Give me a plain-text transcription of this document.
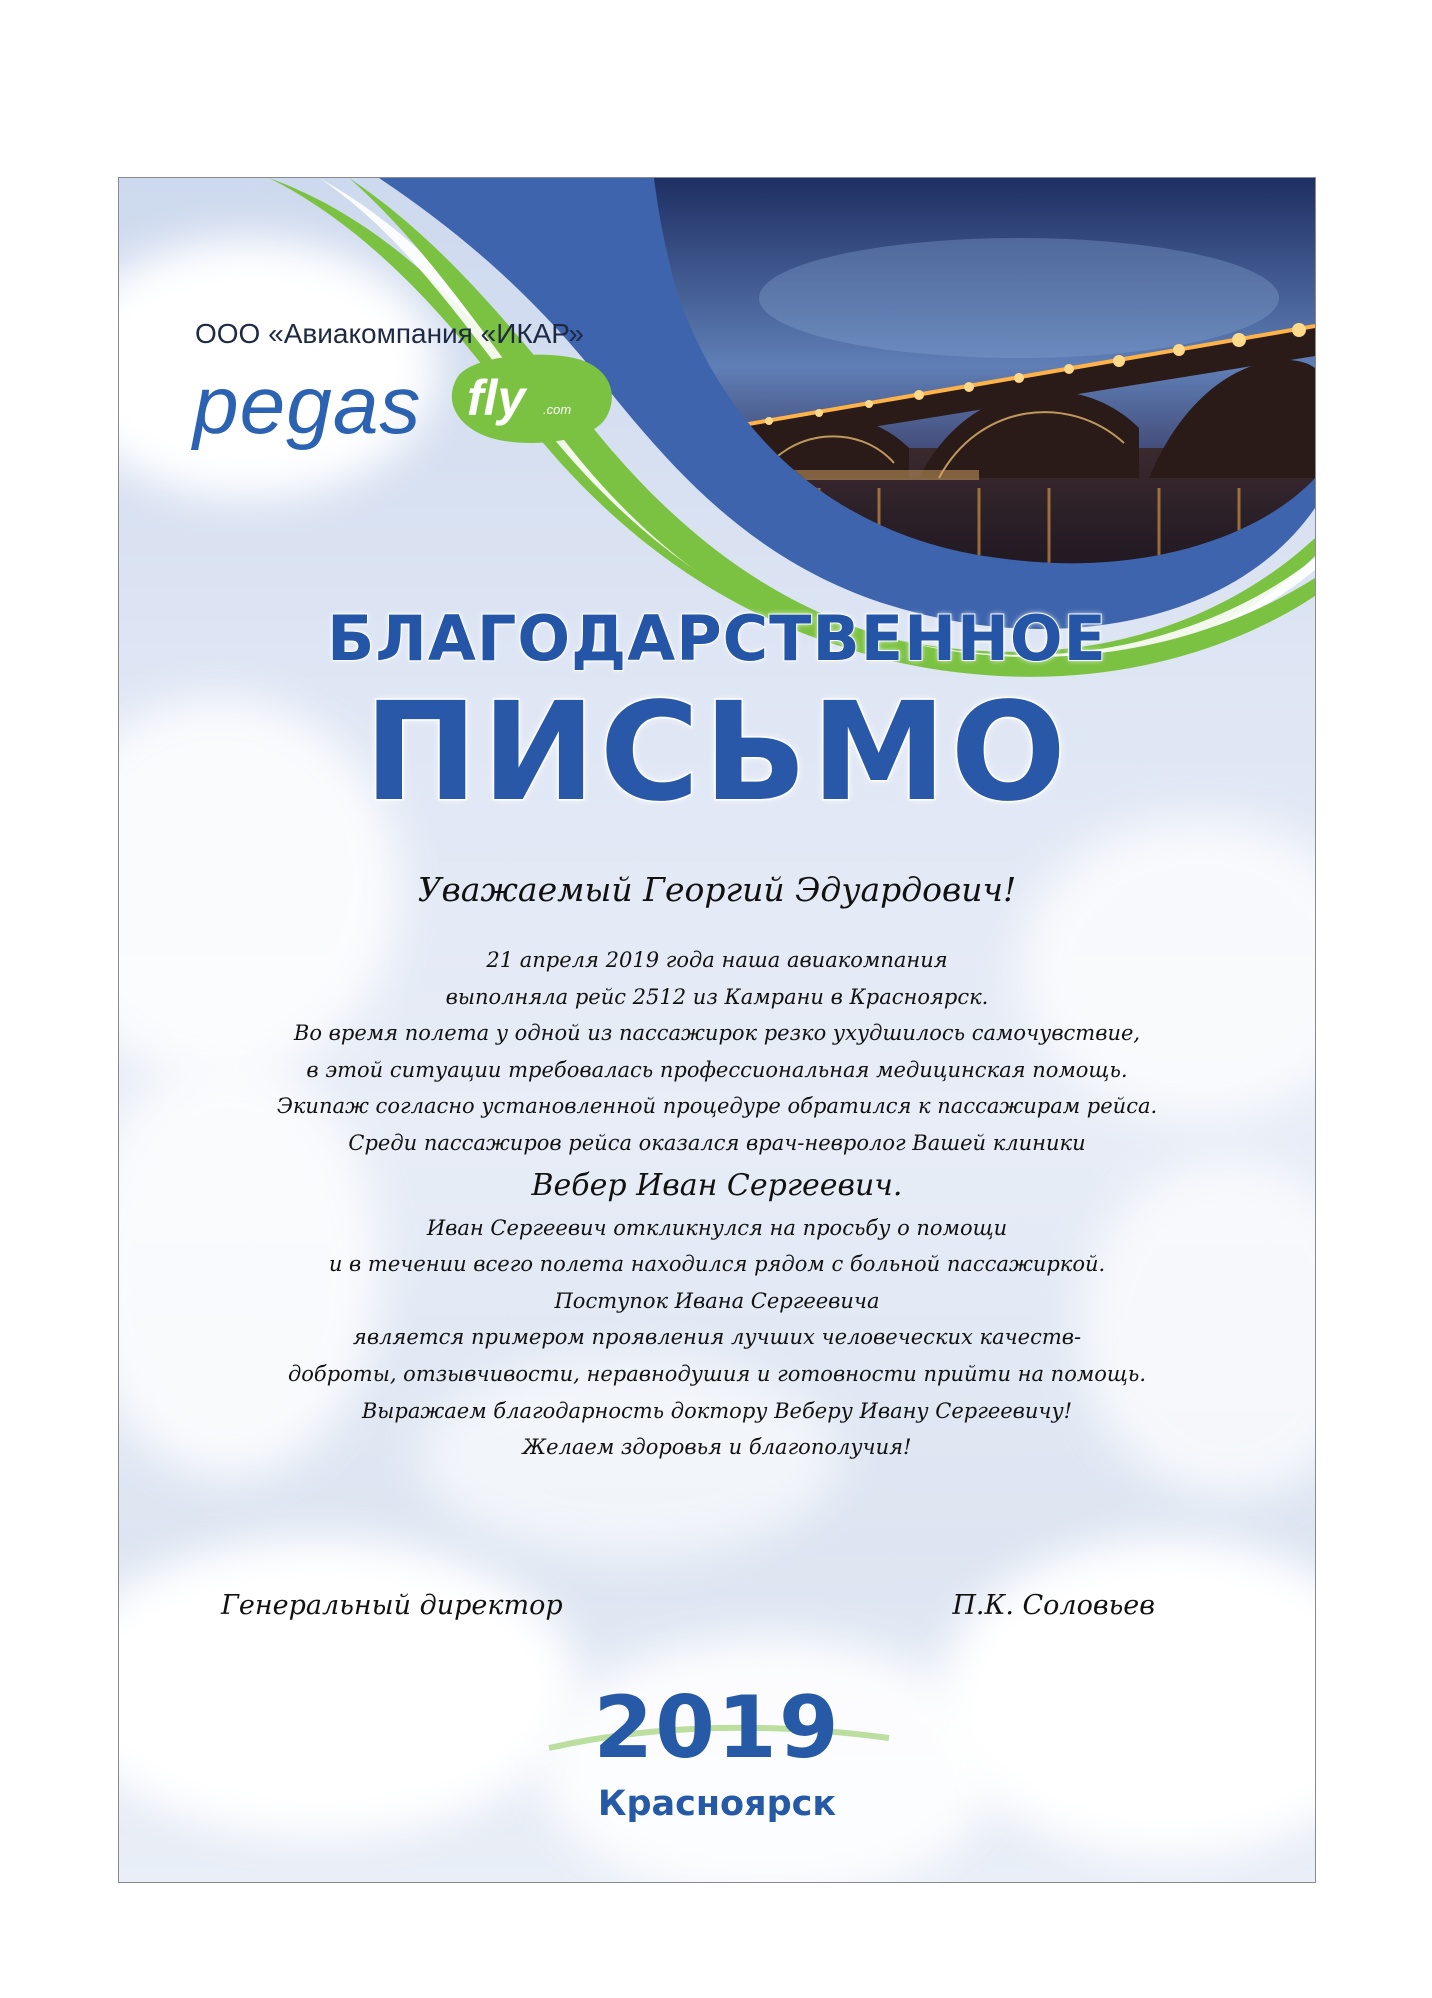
ООО «Авиакомпания «ИКАР»
pegas fly .com
БЛАГОДАРСТВЕННОЕ
ПИСЬМО
Уважаемый Георгий Эдуардович!
21 апреля 2019 года наша авиакомпания
выполняла рейс 2512 из Камрани в Красноярск.
Во время полета у одной из пассажирок резко ухудшилось самочувствие,
в этой ситуации требовалась профессиональная медицинская помощь.
Экипаж согласно установленной процедуре обратился к пассажирам рейса.
Среди пассажиров рейса оказался врач-невролог Вашей клиники
Вебер Иван Сергеевич.
Иван Сергеевич откликнулся на просьбу о помощи
и в течении всего полета находился рядом с больной пассажиркой.
Поступок Ивана Сергеевича
является примером проявления лучших человеческих качеств-
доброты, отзывчивости, неравнодушия и готовности прийти на помощь.
Выражаем благодарность доктору Веберу Ивану Сергеевичу!
Желаем здоровья и благополучия!
Генеральный директор	П.К. Соловьев
2019
Красноярск
